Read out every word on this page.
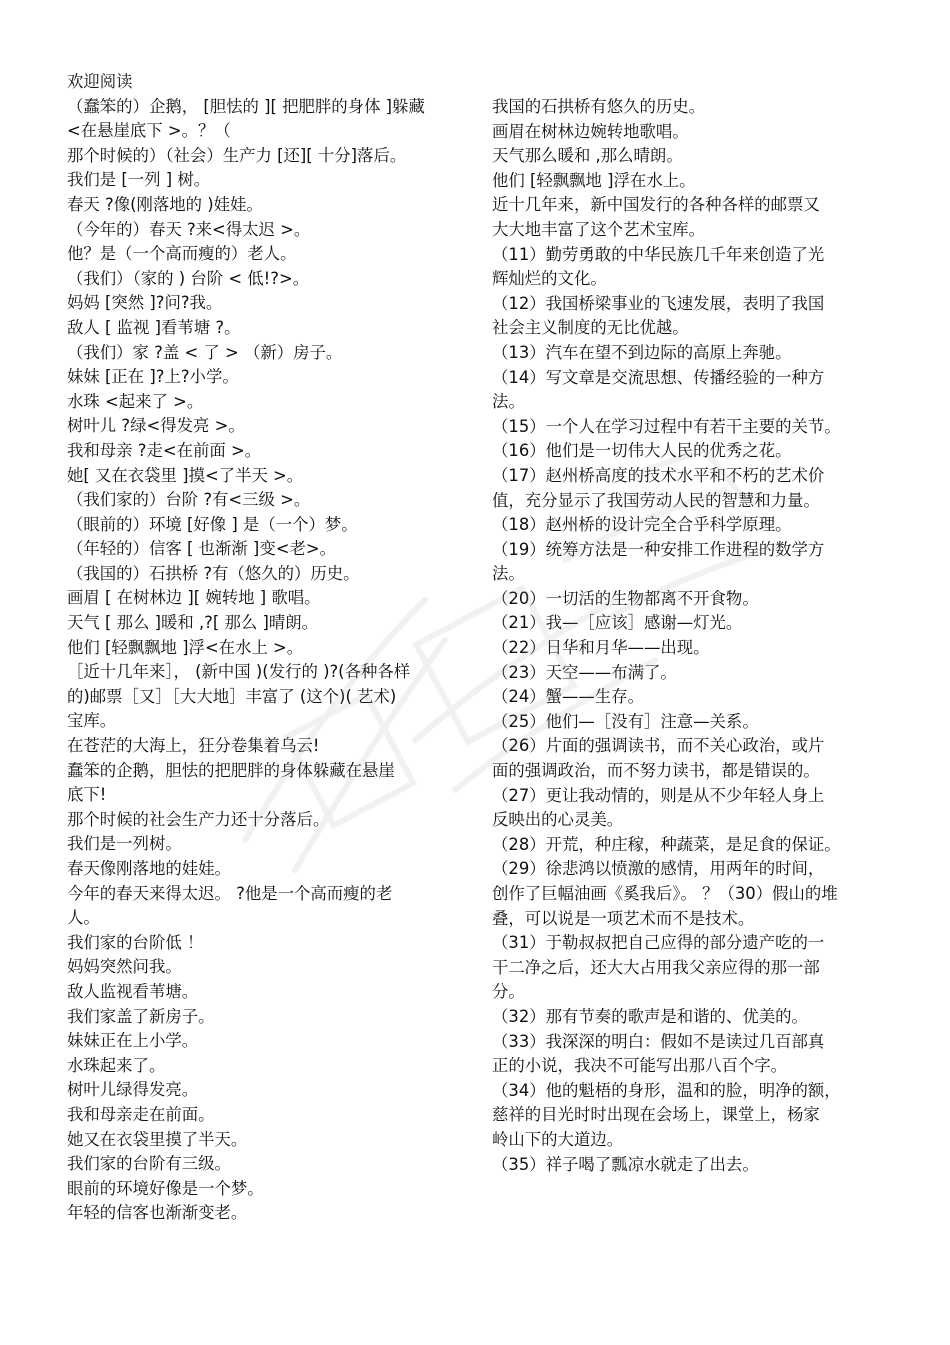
欢迎阅读
（蠢笨的）企鹅， [胆怯的 ][ 把肥胖的身体 ]躲藏
<在悬崖底下 >。？（
那个时候的）（社会）生产力 [还][ 十分]落后。
我们是 [一列 ] 树。
春天 ?像(刚落地的 )娃娃。
（今年的）春天 ?来<得太迟 >。
他？是（一个高而瘦的）老人。
（我们）（家的 ) 台阶 < 低!?>。
妈妈 [突然 ]?问?我。
敌人 [ 监视 ]看苇塘 ?。
（我们）家 ?盖 < 了 > （新）房子。
妹妹 [正在 ]?上?小学。
水珠 <起来了 >。
树叶儿 ?绿<得发亮 >。
我和母亲 ?走<在前面 >。
她[ 又在衣袋里 ]摸<了半天 >。
（我们家的）台阶 ?有<三级 >。
（眼前的）环境 [好像 ] 是（一个）梦。
（年轻的）信客 [ 也渐渐 ]变<老>。
（我国的）石拱桥 ?有（悠久的）历史。
画眉 [ 在树林边 ][ 婉转地 ] 歌唱。
天气 [ 那么 ]暖和 ,?[ 那么 ]晴朗。
他们 [轻飘飘地 ]浮<在水上 >。
［近十几年来］， (新中国 )(发行的 )?(各种各样
的)邮票［又］［大大地］丰富了 (这个)( 艺术)
宝库。
在苍茫的大海上，狂分卷集着乌云!
蠢笨的企鹅，胆怯的把肥胖的身体躲藏在悬崖
底下!
那个时候的社会生产力还十分落后。
我们是一列树。
春天像刚落地的娃娃。
今年的春天来得太迟。 ?他是一个高而瘦的老
人。
我们家的台阶低 ！
妈妈突然问我。
敌人监视看苇塘。
我们家盖了新房子。
妹妹正在上小学。
水珠起来了。
树叶儿绿得发亮。
我和母亲走在前面。
她又在衣袋里摸了半天。
我们家的台阶有三级。
眼前的环境好像是一个梦。
年轻的信客也渐渐变老。
我国的石拱桥有悠久的历史。
画眉在树林边婉转地歌唱。
天气那么暖和 ,那么晴朗。
他们 [轻飘飘地 ]浮在水上。
近十几年来，新中国发行的各种各样的邮票又
大大地丰富了这个艺术宝库。
（11）勤劳勇敢的中华民族几千年来创造了光
辉灿烂的文化。
（12）我国桥梁事业的飞速发展，表明了我国
社会主义制度的无比优越。
（13）汽车在望不到边际的高原上奔驰。
（14）写文章是交流思想、传播经验的一种方
法。
（15）一个人在学习过程中有若干主要的关节。
（16）他们是一切伟大人民的优秀之花。
（17）赵州桥高度的技术水平和不朽的艺术价
值，充分显示了我国劳动人民的智慧和力量。
（18）赵州桥的设计完全合乎科学原理。
（19）统筹方法是一种安排工作进程的数学方
法。
（20）一切活的生物都离不开食物。
（21）我—［应该］感谢—灯光。
（22）日华和月华——出现。
（23）天空——布满了。
（24）蟹——生存。
（25）他们—［没有］注意—关系。
（26）片面的强调读书，而不关心政治，或片
面的强调政治，而不努力读书，都是错误的。
（27）更让我动情的，则是从不少年轻人身上
反映出的心灵美。
（28）开荒，种庄稼，种蔬菜，是足食的保证。
（29）徐悲鸿以愤激的感情，用两年的时间，
创作了巨幅油画《奚我后》。 ？（30）假山的堆
叠，可以说是一项艺术而不是技术。
（31）于勒叔叔把自己应得的部分遗产吃的一
干二净之后，还大大占用我父亲应得的那一部
分。
（32）那有节奏的歌声是和谐的、优美的。
（33）我深深的明白：假如不是读过几百部真
正的小说，我决不可能写出那八百个字。
（34）他的魁梧的身形，温和的脸，明净的额，
慈祥的目光时时出现在会场上，课堂上，杨家
岭山下的大道边。
（35）祥子喝了瓢凉水就走了出去。
